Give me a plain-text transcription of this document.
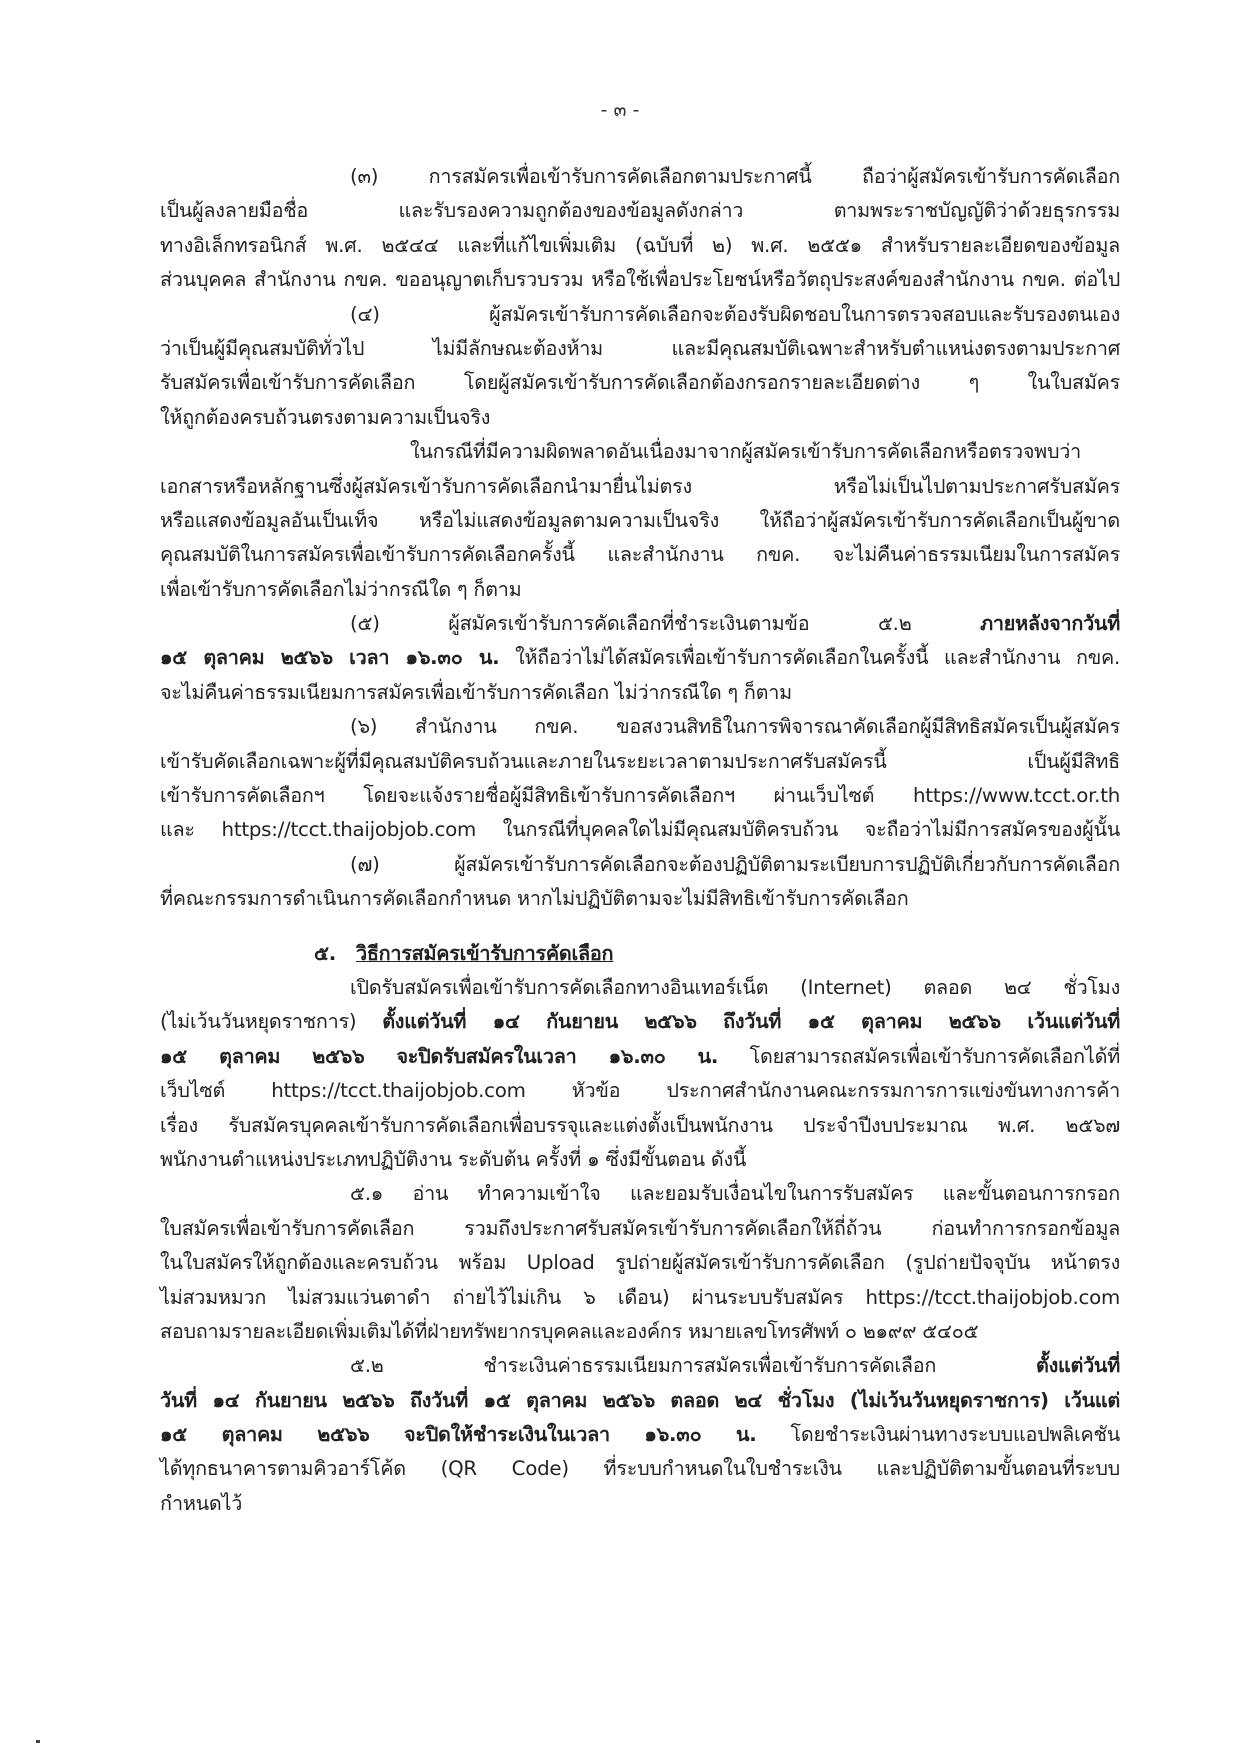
- ๓ -
(๓) การสมัครเพื่อเข้ารับการคัดเลือกตามประกาศนี้ ถือว่าผู้สมัครเข้ารับการคัดเลือก
เป็นผู้ลงลายมือชื่อ และรับรองความถูกต้องของข้อมูลดังกล่าว ตามพระราชบัญญัติว่าด้วยธุรกรรม
ทางอิเล็กทรอนิกส์ พ.ศ. ๒๕๔๔ และที่แก้ไขเพิ่มเติม (ฉบับที่ ๒) พ.ศ. ๒๕๕๑ สำหรับรายละเอียดของข้อมูล
ส่วนบุคคล สำนักงาน กขค. ขออนุญาตเก็บรวบรวม หรือใช้เพื่อประโยชน์หรือวัตถุประสงค์ของสำนักงาน กขค. ต่อไป
(๔) ผู้สมัครเข้ารับการคัดเลือกจะต้องรับผิดชอบในการตรวจสอบและรับรองตนเอง
ว่าเป็นผู้มีคุณสมบัติทั่วไป ไม่มีลักษณะต้องห้าม และมีคุณสมบัติเฉพาะสำหรับตำแหน่งตรงตามประกาศ
รับสมัครเพื่อเข้ารับการคัดเลือก โดยผู้สมัครเข้ารับการคัดเลือกต้องกรอกรายละเอียดต่าง ๆ ในใบสมัคร
ให้ถูกต้องครบถ้วนตรงตามความเป็นจริง
ในกรณีที่มีความผิดพลาดอันเนื่องมาจากผู้สมัครเข้ารับการคัดเลือกหรือตรวจพบว่า
เอกสารหรือหลักฐานซึ่งผู้สมัครเข้ารับการคัดเลือกนำมายื่นไม่ตรง หรือไม่เป็นไปตามประกาศรับสมัคร
หรือแสดงข้อมูลอันเป็นเท็จ หรือไม่แสดงข้อมูลตามความเป็นจริง ให้ถือว่าผู้สมัครเข้ารับการคัดเลือกเป็นผู้ขาด
คุณสมบัติในการสมัครเพื่อเข้ารับการคัดเลือกครั้งนี้ และสำนักงาน กขค. จะไม่คืนค่าธรรมเนียมในการสมัคร
เพื่อเข้ารับการคัดเลือกไม่ว่ากรณีใด ๆ ก็ตาม
(๕) ผู้สมัครเข้ารับการคัดเลือกที่ชำระเงินตามข้อ ๕.๒ ภายหลังจากวันที่
๑๕ ตุลาคม ๒๕๖๖ เวลา ๑๖.๓๐ น. ให้ถือว่าไม่ได้สมัครเพื่อเข้ารับการคัดเลือกในครั้งนี้ และสำนักงาน กขค.
จะไม่คืนค่าธรรมเนียมการสมัครเพื่อเข้ารับการคัดเลือก ไม่ว่ากรณีใด ๆ ก็ตาม
(๖) สำนักงาน กขค. ขอสงวนสิทธิในการพิจารณาคัดเลือกผู้มีสิทธิสมัครเป็นผู้สมัคร
เข้ารับคัดเลือกเฉพาะผู้ที่มีคุณสมบัติครบถ้วนและภายในระยะเวลาตามประกาศรับสมัครนี้ เป็นผู้มีสิทธิ
เข้ารับการคัดเลือกฯ โดยจะแจ้งรายชื่อผู้มีสิทธิเข้ารับการคัดเลือกฯ ผ่านเว็บไซต์ https://www.tcct.or.th
และ https://tcct.thaijobjob.com ในกรณีที่บุคคลใดไม่มีคุณสมบัติครบถ้วน จะถือว่าไม่มีการสมัครของผู้นั้น
(๗) ผู้สมัครเข้ารับการคัดเลือกจะต้องปฏิบัติตามระเบียบการปฏิบัติเกี่ยวกับการคัดเลือก
ที่คณะกรรมการดำเนินการคัดเลือกกำหนด หากไม่ปฏิบัติตามจะไม่มีสิทธิเข้ารับการคัดเลือก
๕. วิธีการสมัครเข้ารับการคัดเลือก
เปิดรับสมัครเพื่อเข้ารับการคัดเลือกทางอินเทอร์เน็ต (Internet) ตลอด ๒๔ ชั่วโมง
(ไม่เว้นวันหยุดราชการ) ตั้งแต่วันที่ ๑๔ กันยายน ๒๕๖๖ ถึงวันที่ ๑๕ ตุลาคม ๒๕๖๖ เว้นแต่วันที่
๑๕ ตุลาคม ๒๕๖๖ จะปิดรับสมัครในเวลา ๑๖.๓๐ น. โดยสามารถสมัครเพื่อเข้ารับการคัดเลือกได้ที่
เว็บไซต์ https://tcct.thaijobjob.com หัวข้อ ประกาศสำนักงานคณะกรรมการการแข่งขันทางการค้า
เรื่อง รับสมัครบุคคลเข้ารับการคัดเลือกเพื่อบรรจุและแต่งตั้งเป็นพนักงาน ประจำปีงบประมาณ พ.ศ. ๒๕๖๗
พนักงานตำแหน่งประเภทปฏิบัติงาน ระดับต้น ครั้งที่ ๑ ซึ่งมีขั้นตอน ดังนี้
๕.๑ อ่าน ทำความเข้าใจ และยอมรับเงื่อนไขในการรับสมัคร และขั้นตอนการกรอก
ใบสมัครเพื่อเข้ารับการคัดเลือก รวมถึงประกาศรับสมัครเข้ารับการคัดเลือกให้ถี่ถ้วน ก่อนทำการกรอกข้อมูล
ในใบสมัครให้ถูกต้องและครบถ้วน พร้อม Upload รูปถ่ายผู้สมัครเข้ารับการคัดเลือก (รูปถ่ายปัจจุบัน หน้าตรง
ไม่สวมหมวก ไม่สวมแว่นตาดำ ถ่ายไว้ไม่เกิน ๖ เดือน) ผ่านระบบรับสมัคร https://tcct.thaijobjob.com
สอบถามรายละเอียดเพิ่มเติมได้ที่ฝ่ายทรัพยากรบุคคลและองค์กร หมายเลขโทรศัพท์ ๐ ๒๑๙๙ ๕๔๐๕
๕.๒ ชำระเงินค่าธรรมเนียมการสมัครเพื่อเข้ารับการคัดเลือก ตั้งแต่วันที่
วันที่ ๑๔ กันยายน ๒๕๖๖ ถึงวันที่ ๑๕ ตุลาคม ๒๕๖๖ ตลอด ๒๔ ชั่วโมง (ไม่เว้นวันหยุดราชการ) เว้นแต่
๑๕ ตุลาคม ๒๕๖๖ จะปิดให้ชำระเงินในเวลา ๑๖.๓๐ น. โดยชำระเงินผ่านทางระบบแอปพลิเคชัน
ได้ทุกธนาคารตามคิวอาร์โค้ด (QR Code) ที่ระบบกำหนดในใบชำระเงิน และปฏิบัติตามขั้นตอนที่ระบบ
กำหนดไว้
